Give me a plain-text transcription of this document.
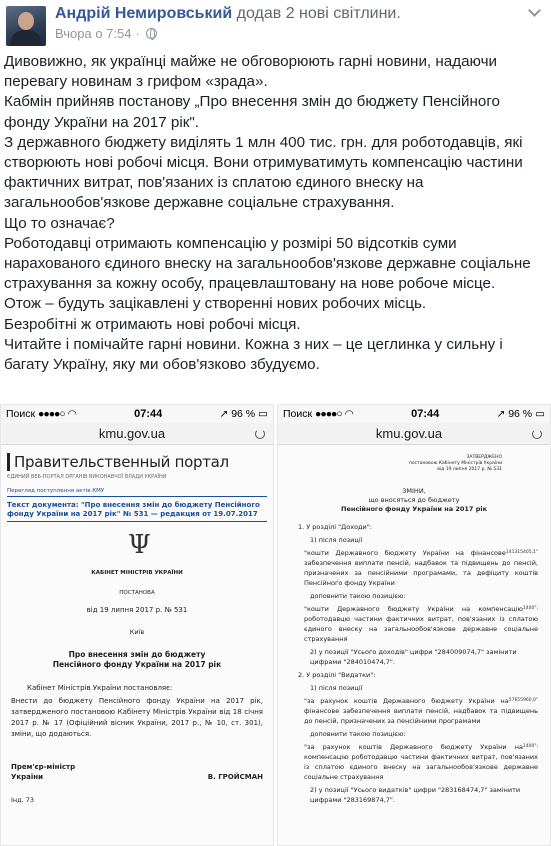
Андрій Немировський додав 2 нові світлини.
Вчора о 7:54 ·

Дивовижно, як українці майже не обговорюють гарні новини, надаючи

перевагу новинам з грифом «зрада».

Кабмін прийняв постанову „Про внесення змін до бюджету Пенсійного

фонду України на 2017 рік".

З державного бюджету виділять 1 млн 400 тис. грн. для роботодавців, які

створюють нові робочі місця. Вони отримуватимуть компенсацію частини

фактичних витрат, пов'язаних із сплатою єдиного внеску на

загальнообов'язкове державне соціальне страхування.

Що то означає?

Роботодавці отримають компенсацію у розмірі 50 відсотків суми

нарахованого єдиного внеску на загальнообов'язкове державне соціальне

страхування за кожну особу, працевлаштовану на нове робоче місце.

Отож – будуть зацікавлені у створенні нових робочих місць.

Безробітні ж отримають нові робочі місця.

Читайте і помічайте гарні новини. Кожна з них – це цеглинка у сильну і

багату Україну, яку ми обов'язково збудуємо.

Поиск ●●●●○ ◠	07:44	↗ 96 % ▭
kmu.gov.ua
Правительственный портал
ЄДИНИЙ ВЕБ-ПОРТАЛ ОРГАНІВ ВИКОНАВЧОЇ ВЛАДИ УКРАЇНИ
Перегляд поступлення актів КМУ
Текст документа: "Про внесення змін до бюджету Пенсійного фонду України на 2017 рік" № 531 — редакция от 19.07.2017
Ψ
КАБІНЕТ МІНІСТРІВ УКРАЇНИ
ПОСТАНОВА
від 19 липня 2017 р. № 531
Київ
Про внесення змін до бюджету
Пенсійного фонду України на 2017 рік
Кабінет Міністрів України постановляє:
Внести до бюджету Пенсійного фонду України на 2017 рік, затвердженого постановою Кабінету Міністрів України від 18 січня 2017 р. № 17 (Офіційний вісник України, 2017 р., № 10, ст. 301), зміни, що додаються.
Прем'єр-міністр
України	В. ГРОЙСМАН
Інд. 73
Поиск ●●●●○ ◠	07:44	↗ 96 % ▭
kmu.gov.ua
ЗАТВЕРДЖЕНО
постановою Кабінету Міністрів України
від 19 липня 2017 р. № 531
ЗМІНИ,
що вносяться до бюджету
Пенсійного фонду України на 2017 рік
1. У розділі "Доходи":
1) після позиції
141315405,1"
"кошти Державного бюджету України на фінансове забезпечення виплати пенсій, надбавок та підвищень до пенсій, призначених за пенсійними програмами, та дефіциту коштів Пенсійного фонду України
доповнити такою позицією:
1400";
"кошти Державного бюджету України на компенсацію роботодавцю частини фактичних витрат, пов'язаних із сплатою єдиного внеску на загальнообов'язкове державне соціальне страхування
2) у позиції "Усього доходів" цифри "284009074,7" замінити цифрами "284010474,7".
2. У розділі "Видатки":
1) після позиції
57655960,0"
"за рахунок коштів Державного бюджету України на фінансове забезпечення виплати пенсій, надбавок та підвищень до пенсій, призначених за пенсійними програмами
доповнити такою позицією:
1400";
"за рахунок коштів Державного бюджету України на компенсацію роботодавцю частини фактичних витрат, пов'язаних із сплатою єдиного внеску на загальнообов'язкове державне соціальне страхування
2) у позиції "Усього видатків" цифри "283168474,7" замінити цифрами "283169874,7".
